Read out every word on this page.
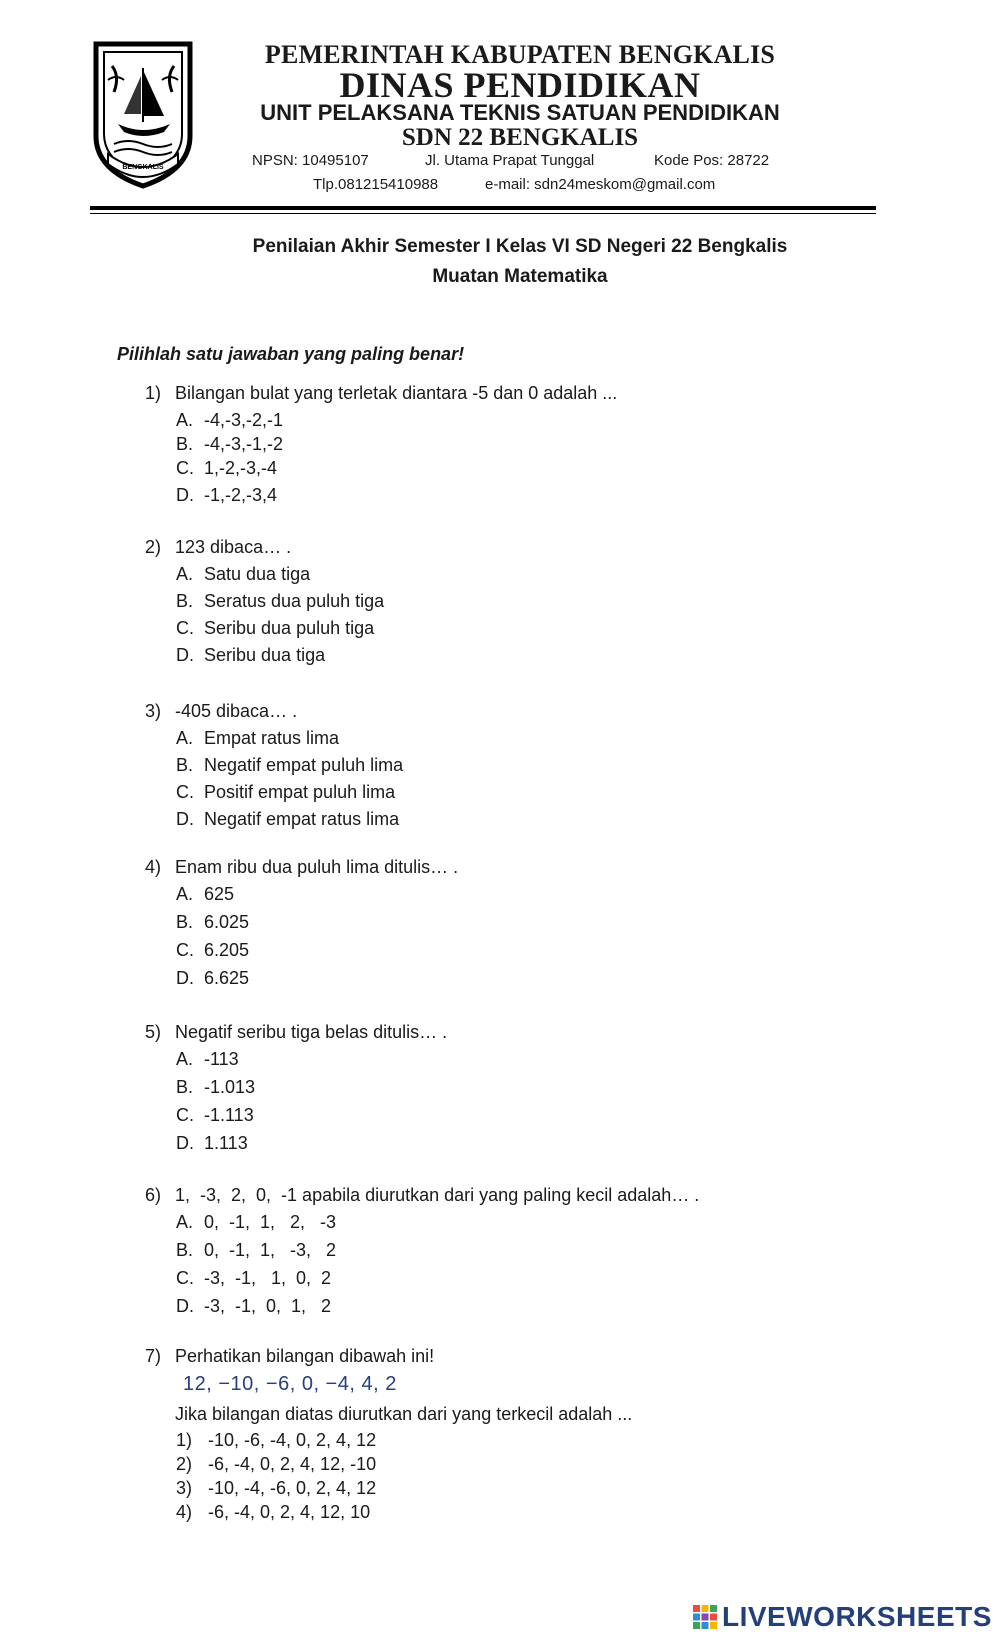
BENGKALIS
PEMERINTAH KABUPATEN BENGKALIS
DINAS PENDIDIKAN
UNIT PELAKSANA TEKNIS SATUAN PENDIDIKAN
SDN 22 BENGKALIS
NPSN: 10495107	Jl. Utama Prapat Tunggal	Kode Pos: 28722
Tlp.081215410988	e-mail: sdn24meskom@gmail.com
Penilaian Akhir Semester I Kelas VI SD Negeri 22 Bengkalis
Muatan Matematika
Pilihlah satu jawaban yang paling benar!
1) Bilangan bulat yang terletak diantara -5 dan 0 adalah ...
A. -4,-3,-2,-1
B. -4,-3,-1,-2
C. 1,-2,-3,-4
D. -1,-2,-3,4
2) 123 dibaca… .
A. Satu dua tiga
B. Seratus dua puluh tiga
C. Seribu dua puluh tiga
D. Seribu dua tiga
3) -405 dibaca… .
A. Empat ratus lima
B. Negatif empat puluh lima
C. Positif empat puluh lima
D. Negatif empat ratus lima
4) Enam ribu dua puluh lima ditulis… .
A. 625
B. 6.025
C. 6.205
D. 6.625
5) Negatif seribu tiga belas ditulis… .
A. -113
B. -1.013
C. -1.113
D. 1.113
6) 1,  -3,  2,  0,  -1 apabila diurutkan dari yang paling kecil adalah… .
A. 0,  -1,  1,   2,   -3
B. 0,  -1,  1,   -3,   2
C. -3,  -1,   1,  0,  2
D. -3,  -1,  0,  1,   2
7) Perhatikan bilangan dibawah ini!
12, −10, −6, 0, −4, 4, 2
Jika bilangan diatas diurutkan dari yang terkecil adalah ...
1) -10, -6, -4, 0, 2, 4, 12
2) -6, -4, 0, 2, 4, 12, -10
3) -10, -4, -6, 0, 2, 4, 12
4) -6, -4, 0, 2, 4, 12, 10
LIVEWORKSHEETS
